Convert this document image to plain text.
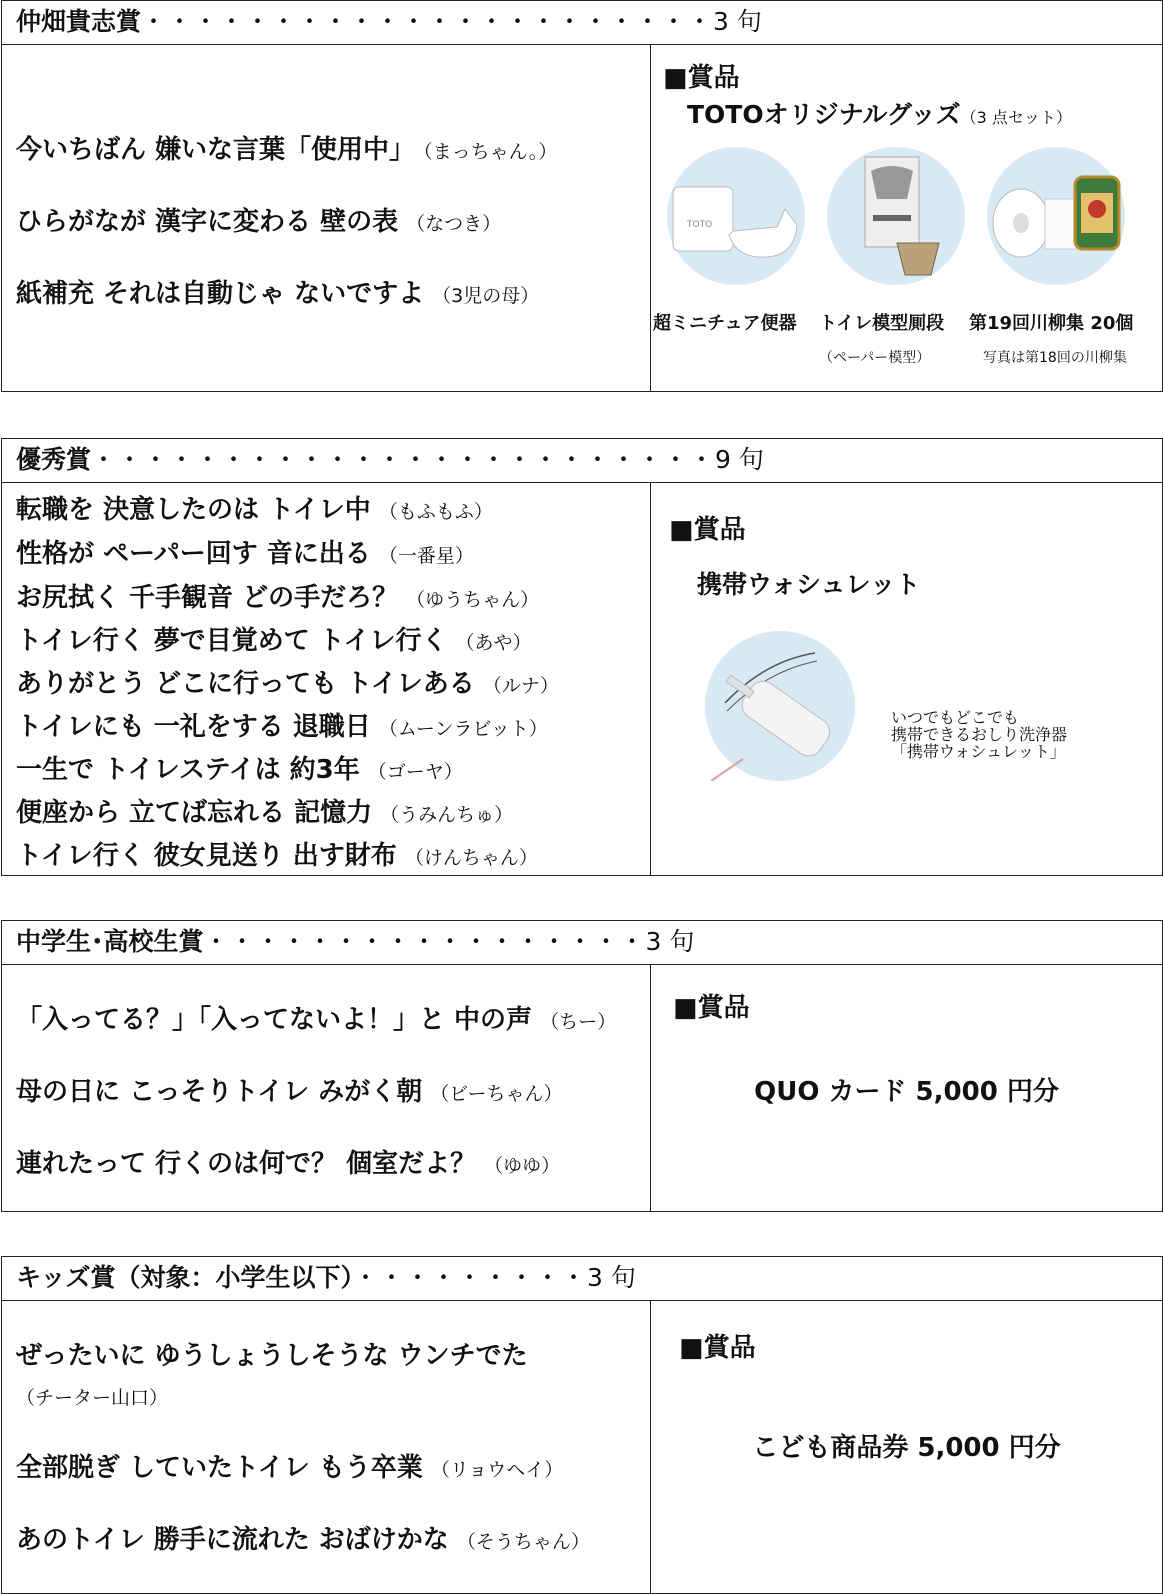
仲畑貴志賞・・・・・・・・・・・・・・・・・・・・・・3 句
今いちばん 嫌いな言葉「使用中」 （まっちゃん。）
ひらがなが 漢字に変わる 壁の表 （なつき）
紙補充 それは自動じゃ ないですよ （3児の母）
■賞品
TOTOオリジナルグッズ（3 点セット）
TOTO
超ミニチュア便器 トイレ模型厠段 第19回川柳集 20個
（ペーパー模型）	写真は第18回の川柳集
優秀賞・・・・・・・・・・・・・・・・・・・・・・・・9 句
転職を 決意したのは トイレ中 （もふもふ）
性格が ペーパー回す 音に出る （一番星）
お尻拭く 千手観音 どの手だろ？ （ゆうちゃん）
トイレ行く 夢で目覚めて トイレ行く （あや）
ありがとう どこに行っても トイレある （ルナ）
トイレにも 一礼をする 退職日 （ムーンラビット）
一生で トイレステイは 約3年 （ゴーヤ）
便座から 立てば忘れる 記憶力 （うみんちゅ）
トイレ行く 彼女見送り 出す財布 （けんちゃん）
■賞品
携帯ウォシュレット
いつでもどこでも
携帯できるおしり洗浄器
「携帯ウォシュレット」
中学生･高校生賞・・・・・・・・・・・・・・・・・3 句
「入ってる？」「入ってないよ！」と 中の声 （ちー）
母の日に こっそりトイレ みがく朝 （ビーちゃん）
連れたって 行くのは何で？ 個室だよ？ （ゆゆ）
■賞品
QUO カード 5,000 円分
キッズ賞（対象：小学生以下）・・・・・・・・・3 句
ぜったいに ゆうしょうしそうな ウンチでた
（チーター山口）
全部脱ぎ していたトイレ もう卒業 （リョウヘイ）
あのトイレ 勝手に流れた おばけかな （そうちゃん）
■賞品
こども商品券 5,000 円分
